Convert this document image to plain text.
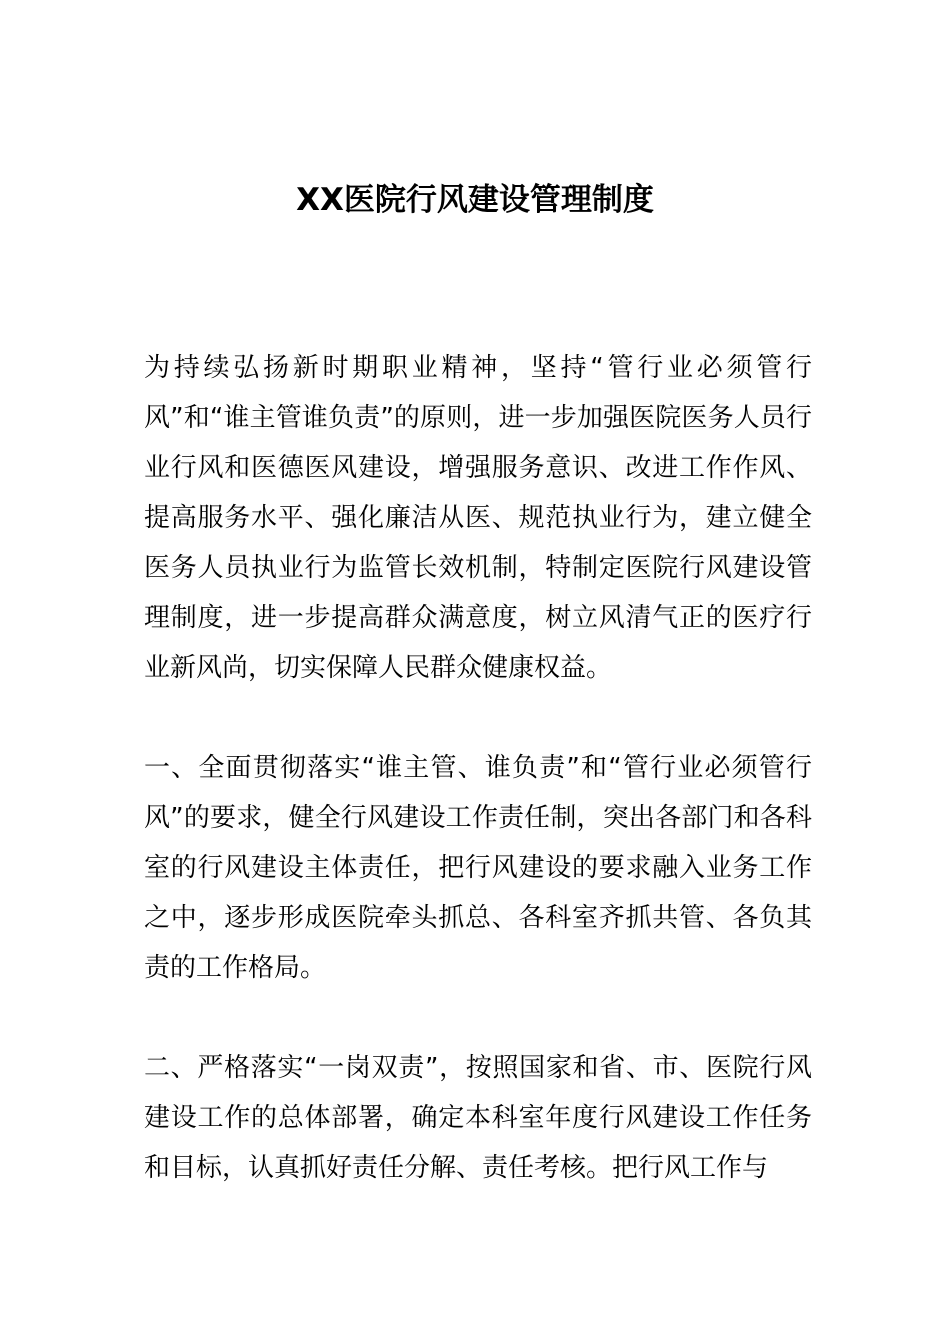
XX医院行风建设管理制度

为持续弘扬新时期职业精神，坚持“管行业必须管行风”和“谁主管谁负责”的原则，进一步加强医院医务人员行业行风和医德医风建设，增强服务意识、改进工作作风、提高服务水平、强化廉洁从医、规范执业行为，建立健全医务人员执业行为监管长效机制，特制定医院行风建设管理制度，进一步提高群众满意度，树立风清气正的医疗行业新风尚，切实保障人民群众健康权益。

一、全面贯彻落实“谁主管、谁负责”和“管行业必须管行风”的要求，健全行风建设工作责任制，突出各部门和各科室的行风建设主体责任，把行风建设的要求融入业务工作之中，逐步形成医院牵头抓总、各科室齐抓共管、各负其责的工作格局。

二、严格落实“一岗双责”，按照国家和省、市、医院行风建设工作的总体部署，确定本科室年度行风建设工作任务和目标，认真抓好责任分解、责任考核。把行风工作与
